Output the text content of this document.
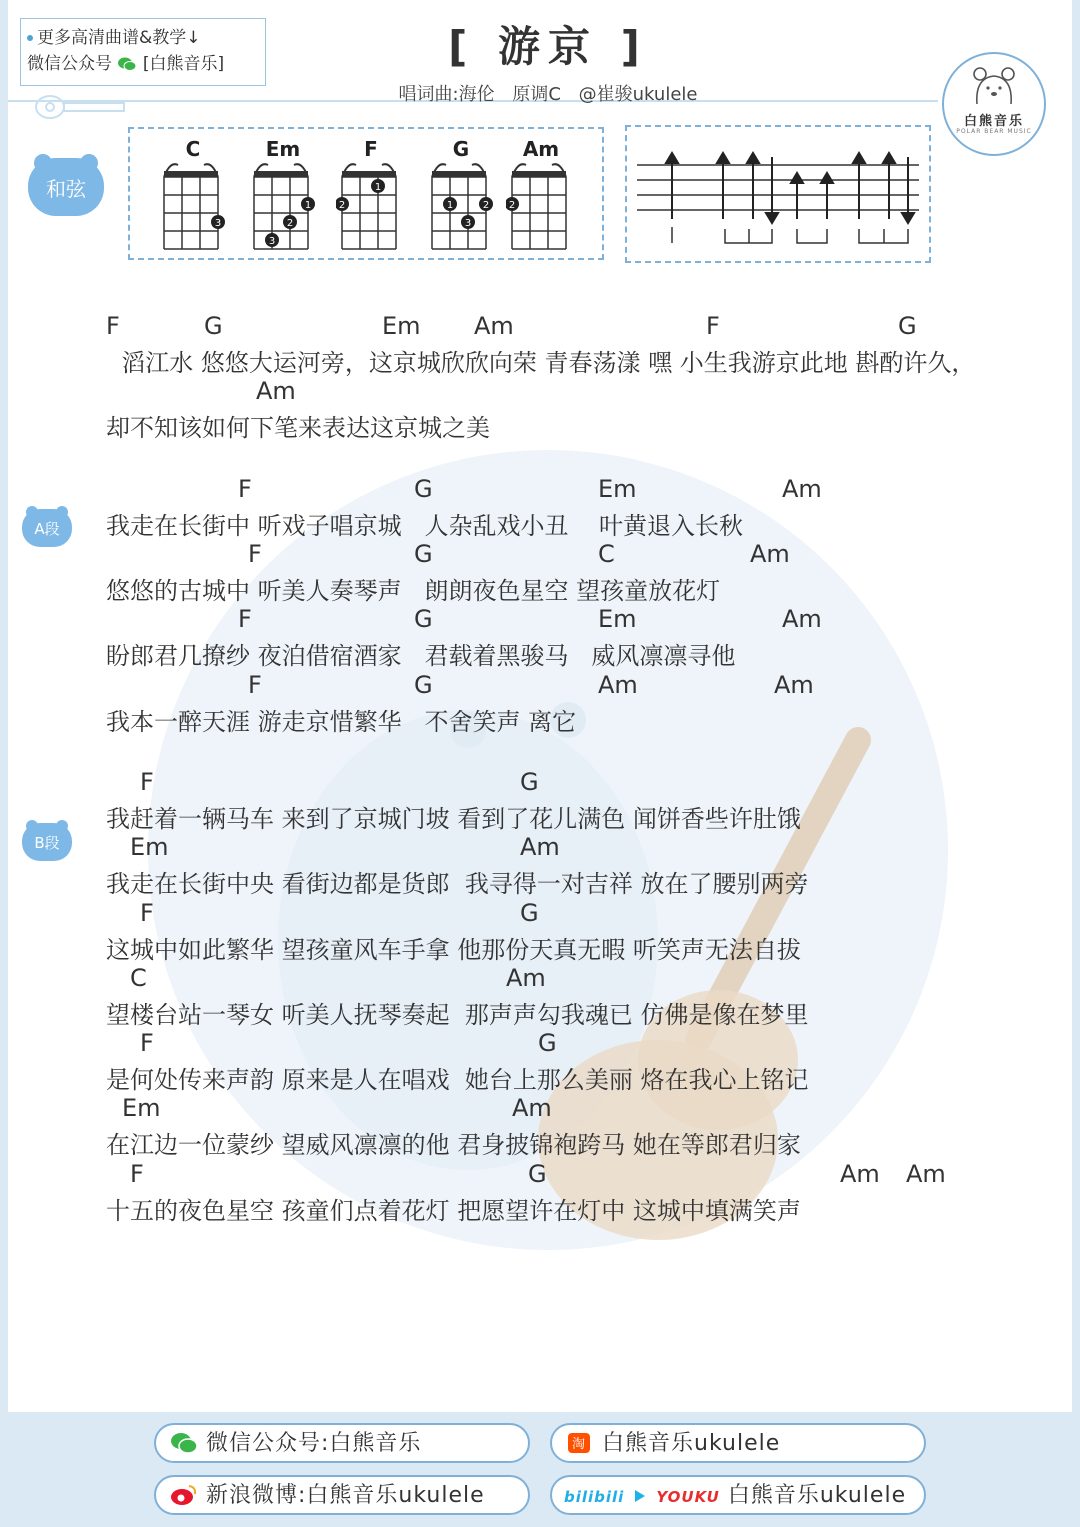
更多高清曲谱&教学↓
微信公众号 [白熊音乐]	[ 游京 ]
唱词曲:海伦 原调C @崔骏ukulele
白熊音乐
POLAR BEAR MUSIC
和弦
C
3
Em
1
2
3
F
2
1
G
1
3
2
Am
2
F	G	Em Am	F	G
滔江水 悠悠大运河旁，这京城欣欣向荣 青春荡漾 嘿 小生我游京此地 斟酌许久，
Am
却不知该如何下笔来表达这京城之美
F	G	Em	Am
我走在长街中 听戏子唱京城   人杂乱戏小丑    叶黄退入长秋
F	G	C	Am
悠悠的古城中 听美人奏琴声   朗朗夜色星空 望孩童放花灯
F	G	Em	Am
盼郎君几撩纱 夜泊借宿酒家   君载着黑骏马   威风凛凛寻他
F	G	Am	Am
我本一醉天涯 游走京惜繁华   不舍笑声 离它
F	G
我赶着一辆马车 来到了京城门坡 看到了花儿满色 闻饼香些许肚饿
Em	Am
我走在长街中央 看街边都是货郎  我寻得一对吉祥 放在了腰别两旁
F	G
这城中如此繁华 望孩童风车手拿 他那份天真无暇 听笑声无法自拔
C	Am
望楼台站一琴女 听美人抚琴奏起  那声声勾我魂已 仿佛是像在梦里
F	G
是何处传来声韵 原来是人在唱戏  她台上那么美丽 烙在我心上铭记
Em	Am
在江边一位蒙纱 望威风凛凛的他 君身披锦袍跨马 她在等郎君归家
F	G	Am Am
十五的夜色星空 孩童们点着花灯 把愿望许在灯中 这城中填满笑声
A段
B段
微信公众号:白熊音乐	淘 白熊音乐ukulele
新浪微博:白熊音乐ukulele	bilibili YOUKU 白熊音乐ukulele
